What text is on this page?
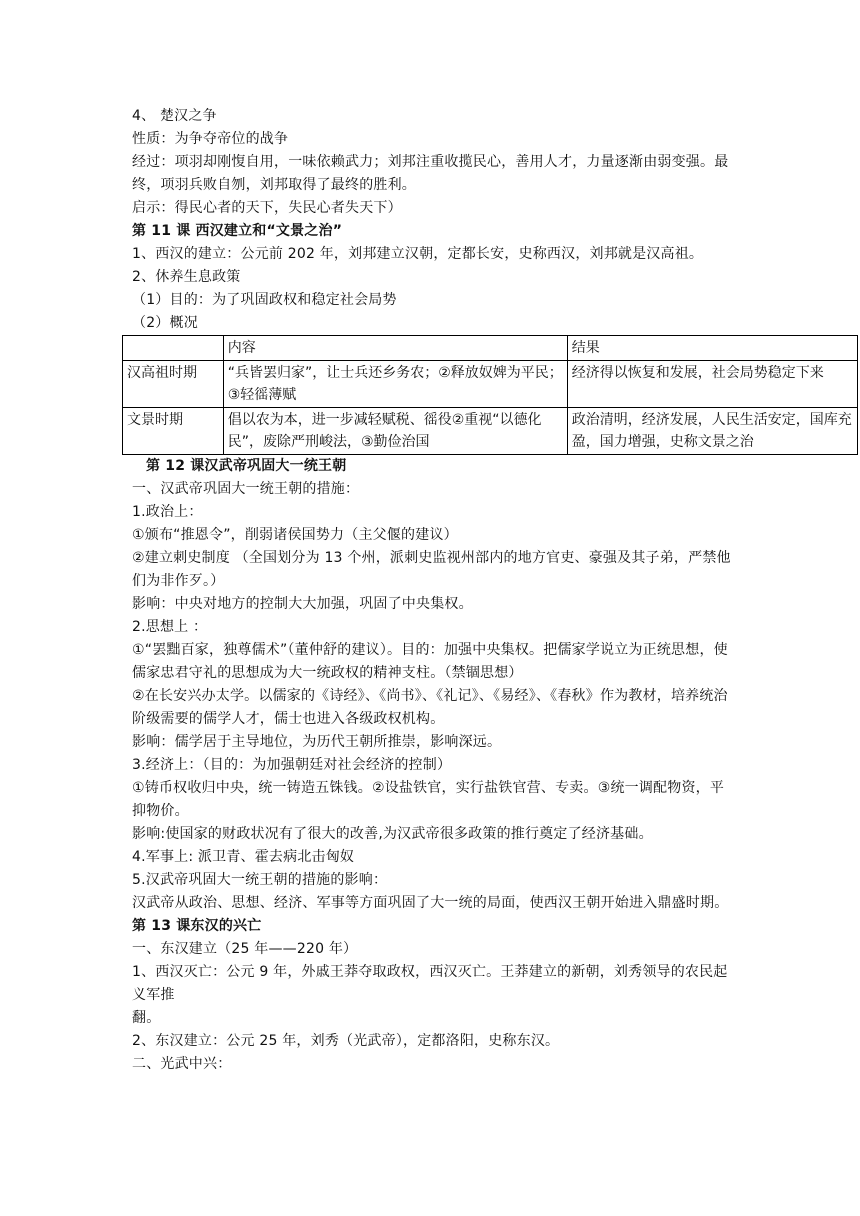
4、 楚汉之争
性质：为争夺帝位的战争
经过：项羽却刚愎自用，一味依赖武力；刘邦注重收揽民心，善用人才，力量逐渐由弱变强。最终，项羽兵败自刎，刘邦取得了最终的胜利。
启示：得民心者的天下，失民心者失天下）
第 11 课 西汉建立和“文景之治”
1、西汉的建立：公元前 202 年，刘邦建立汉朝，定都长安，史称西汉，刘邦就是汉高祖。
2、休养生息政策
（1）目的：为了巩固政权和稳定社会局势
（2）概况
	内容	结果
汉高祖时期	“兵皆罢归家”，让士兵还乡务农；②释放奴婢为平民；③轻徭薄赋	经济得以恢复和发展，社会局势稳定下来
文景时期	倡以农为本，进一步减轻赋税、徭役②重视“以德化民”，废除严刑峻法，③勤俭治国	政治清明，经济发展，人民生活安定，国库充盈，国力增强，史称文景之治
第 12 课汉武帝巩固大一统王朝
一、汉武帝巩固大一统王朝的措施：
1.政治上：
①颁布“推恩令”，削弱诸侯国势力（主父偃的建议）
②建立刺史制度 （全国划分为 13 个州，派刺史监视州部内的地方官吏、豪强及其子弟，严禁他们为非作歹。）
影响：中央对地方的控制大大加强，巩固了中央集权。
2.思想上 ：
①“罢黜百家，独尊儒术”（董仲舒的建议）。目的：加强中央集权。把儒家学说立为正统思想，使儒家忠君守礼的思想成为大一统政权的精神支柱。（禁锢思想）
②在长安兴办太学。以儒家的《诗经》、《尚书》、《礼记》、《易经》、《春秋》作为教材，培养统治阶级需要的儒学人才，儒士也进入各级政权机构。
影响：儒学居于主导地位，为历代王朝所推崇，影响深远。
3.经济上：（目的：为加强朝廷对社会经济的控制）
①铸币权收归中央，统一铸造五铢钱。②设盐铁官，实行盐铁官营、专卖。③统一调配物资，平抑物价。
影响:使国家的财政状况有了很大的改善,为汉武帝很多政策的推行奠定了经济基础。
4.军事上: 派卫青、霍去病北击匈奴
5.汉武帝巩固大一统王朝的措施的影响：
汉武帝从政治、思想、经济、军事等方面巩固了大一统的局面，使西汉王朝开始进入鼎盛时期。
第 13 课东汉的兴亡
一、东汉建立（25 年——220 年）
1、西汉灭亡：公元 9 年，外戚王莽夺取政权，西汉灭亡。王莽建立的新朝，刘秀领导的农民起义军推
翻。
2、东汉建立：公元 25 年，刘秀（光武帝），定都洛阳，史称东汉。
二、光武中兴：
